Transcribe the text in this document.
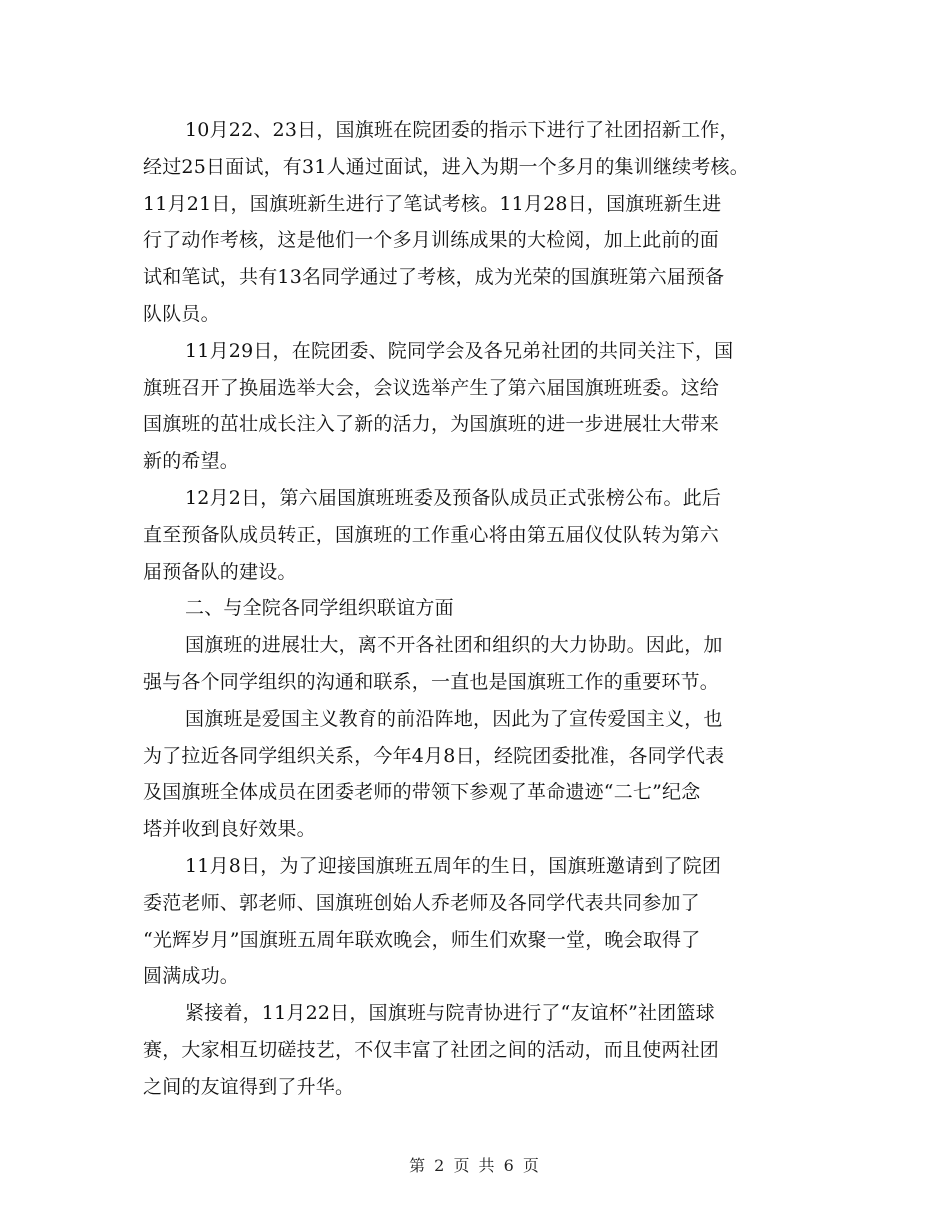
10月22、23日，国旗班在院团委的指示下进行了社团招新工作，
经过25日面试，有31人通过面试，进入为期一个多月的集训继续考核。
11月21日，国旗班新生进行了笔试考核。11月28日，国旗班新生进
行了动作考核，这是他们一个多月训练成果的大检阅，加上此前的面
试和笔试，共有13名同学通过了考核，成为光荣的国旗班第六届预备
队队员。
11月29日，在院团委、院同学会及各兄弟社团的共同关注下，国
旗班召开了换届选举大会，会议选举产生了第六届国旗班班委。这给
国旗班的茁壮成长注入了新的活力，为国旗班的进一步进展壮大带来
新的希望。
12月2日，第六届国旗班班委及预备队成员正式张榜公布。此后
直至预备队成员转正，国旗班的工作重心将由第五届仪仗队转为第六
届预备队的建设。
二、与全院各同学组织联谊方面
国旗班的进展壮大，离不开各社团和组织的大力协助。因此，加
强与各个同学组织的沟通和联系，一直也是国旗班工作的重要环节。
国旗班是爱国主义教育的前沿阵地，因此为了宣传爱国主义，也
为了拉近各同学组织关系，今年4月8日，经院团委批准，各同学代表
及国旗班全体成员在团委老师的带领下参观了革命遗迹“二七”纪念
塔并收到良好效果。
11月8日，为了迎接国旗班五周年的生日，国旗班邀请到了院团
委范老师、郭老师、国旗班创始人乔老师及各同学代表共同参加了
“光辉岁月”国旗班五周年联欢晚会，师生们欢聚一堂，晚会取得了
圆满成功。
紧接着，11月22日，国旗班与院青协进行了“友谊杯”社团篮球
赛，大家相互切磋技艺，不仅丰富了社团之间的活动，而且使两社团
之间的友谊得到了升华。
第 2 页 共 6 页
